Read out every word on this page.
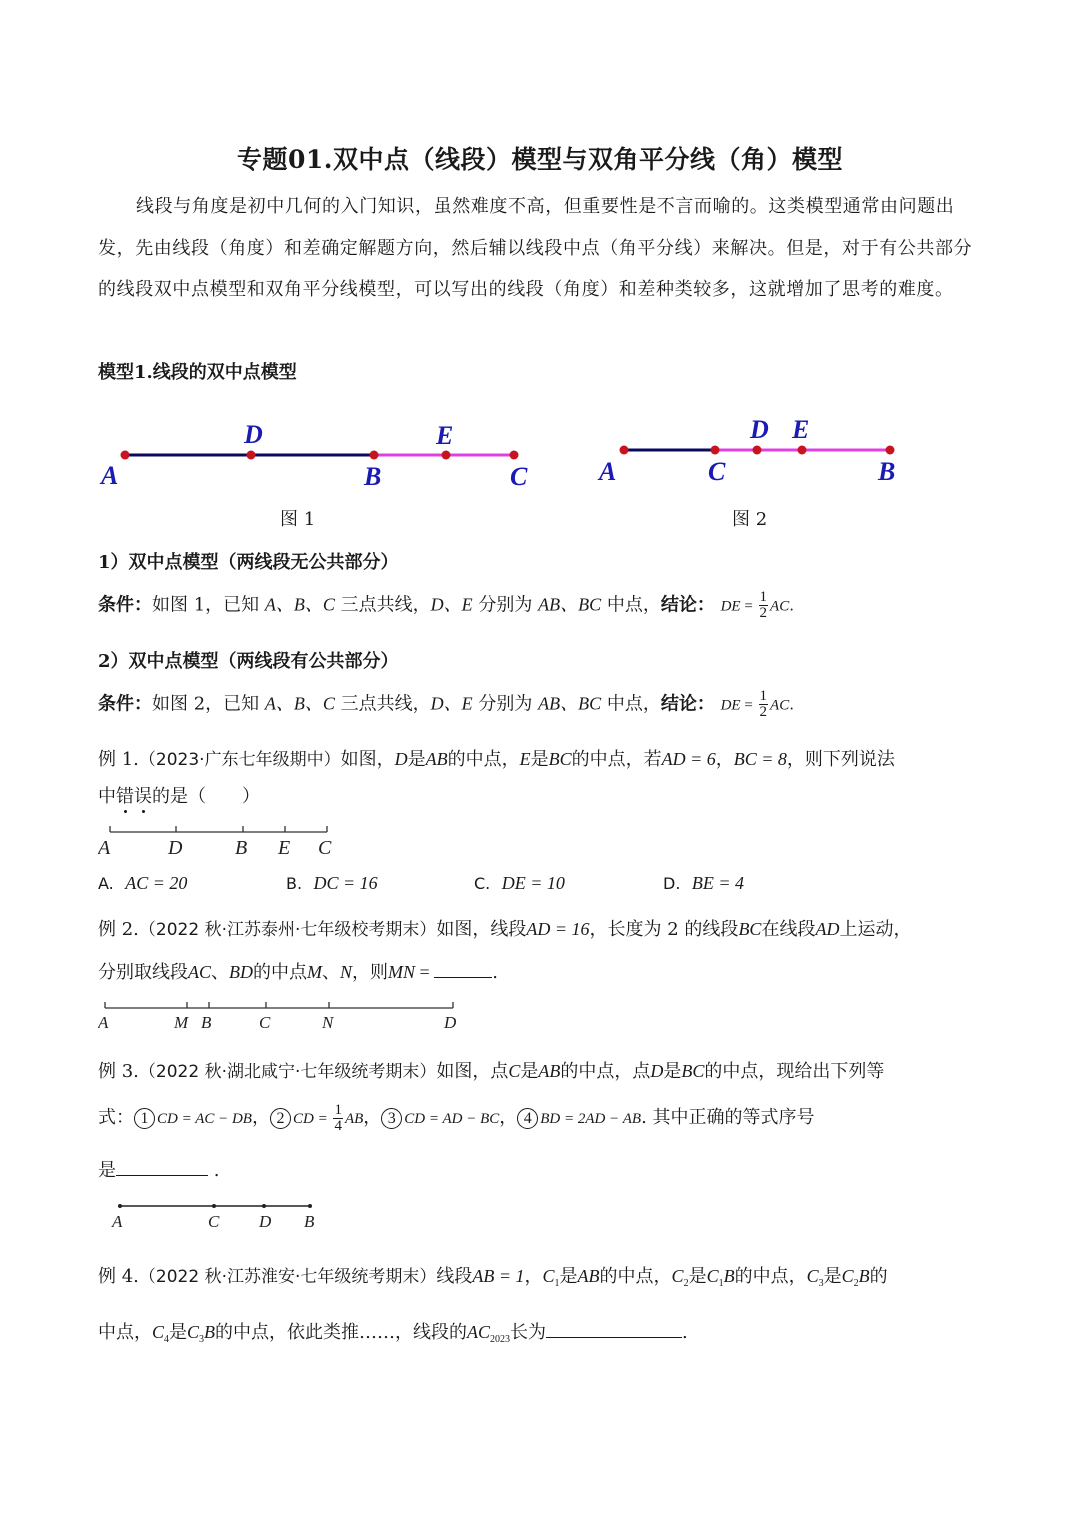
专题01.双中点（线段）模型与双角平分线（角）模型
线段与角度是初中几何的入门知识，虽然难度不高，但重要性是不言而喻的。这类模型通常由问题出发，先由线段（角度）和差确定解题方向，然后辅以线段中点（角平分线）来解决。但是，对于有公共部分的线段双中点模型和双角平分线模型，可以写出的线段（角度）和差种类较多，这就增加了思考的难度。
模型1.线段的双中点模型
A
D
B
E
C
图 1
A	C
D E
B
图 2
1）双中点模型（两线段无公共部分）
条件：如图 1，已知 A、B、C 三点共线，D、E 分别为 AB、BC 中点，结论： DE = $\frac{1}{2}$ AC.
2）双中点模型（两线段有公共部分）
条件：如图 2，已知 A、B、C 三点共线，D、E 分别为 AB、BC 中点，结论： DE = $\frac{1}{2}$ AC.
例 1.（2023·广东七年级期中）如图，D是AB的中点，E是BC的中点，若AD = 6，BC = 8，则下列说法
中错误的是（　　）
A	D	B E C
A. AC = 20	B. DC = 16	C. DE = 10	D. BE = 4
例 2.（2022 秋·江苏泰州·七年级校考期末）如图，线段AD = 16，长度为 2 的线段BC在线段AD上运动，
分别取线段AC、BD的中点M、N，则MN =	.
A	M B	C	N	D
例 3.（2022 秋·湖北咸宁·七年级统考期末）如图，点C是AB的中点，点D是BC的中点，现给出下列等
式： 1 CD = AC − DB， 2 CD = $\frac{1}{4}$ AB， 3 CD = AD − BC， 4 BD = 2AD − AB. 其中正确的等式序号
是	.
A	C D B
例 4.（2022 秋·江苏淮安·七年级统考期末）线段AB = 1，$C_1$是AB的中点，$C_2$是$C_1B$的中点，$C_3$是$C_2B$的
中点，$C_4$是$C_3B$的中点，依此类推……，线段的$AC_{2023}$长为	.
